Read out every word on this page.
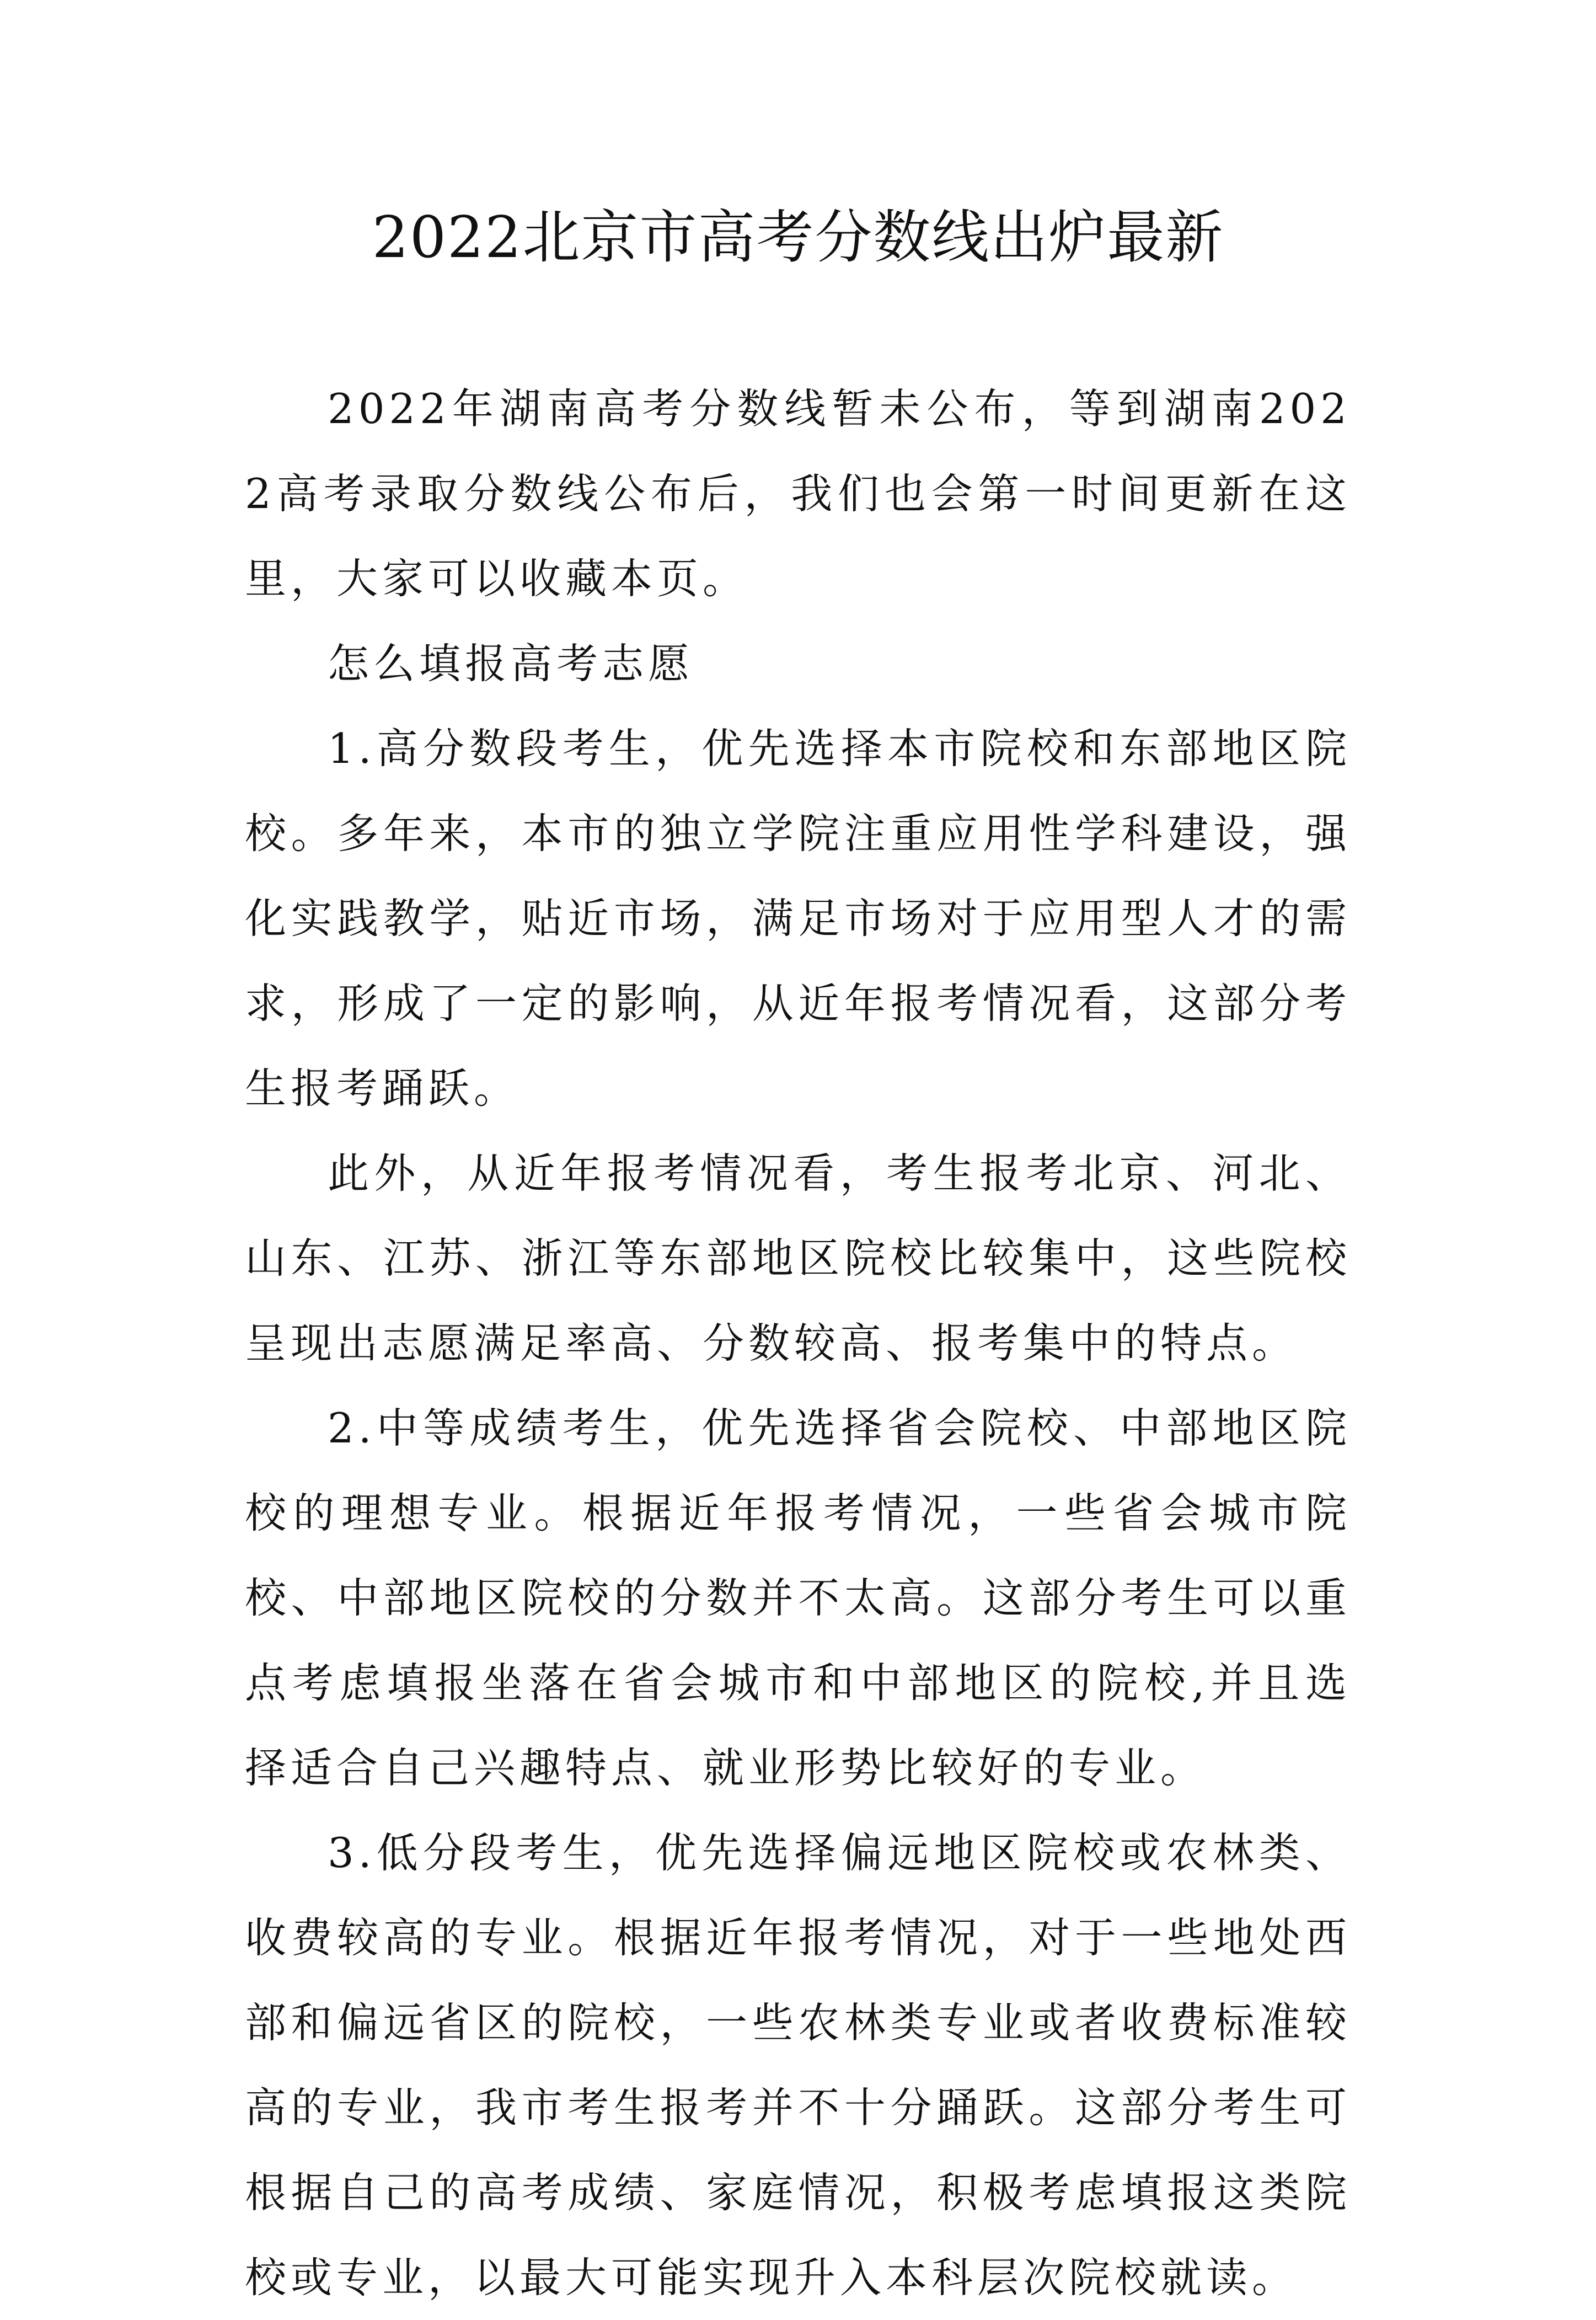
2022北京市高考分数线出炉最新

2022年湖南高考分数线暂未公布，等到湖南2022高考录取分数线公布后，我们也会第一时间更新在这里，大家可以收藏本页。

怎么填报高考志愿

1.高分数段考生，优先选择本市院校和东部地区院校。多年来，本市的独立学院注重应用性学科建设，强化实践教学，贴近市场，满足市场对于应用型人才的需求，形成了一定的影响，从近年报考情况看，这部分考生报考踊跃。

此外，从近年报考情况看，考生报考北京、河北、山东、江苏、浙江等东部地区院校比较集中，这些院校呈现出志愿满足率高、分数较高、报考集中的特点。

2.中等成绩考生，优先选择省会院校、中部地区院校的理想专业。根据近年报考情况，一些省会城市院校、中部地区院校的分数并不太高。这部分考生可以重点考虑填报坐落在省会城市和中部地区的院校,并且选择适合自己兴趣特点、就业形势比较好的专业。

3.低分段考生，优先选择偏远地区院校或农林类、收费较高的专业。根据近年报考情况，对于一些地处西部和偏远省区的院校，一些农林类专业或者收费标准较高的专业，我市考生报考并不十分踊跃。这部分考生可根据自己的高考成绩、家庭情况，积极考虑填报这类院校或专业，以最大可能实现升入本科层次院校就读。
